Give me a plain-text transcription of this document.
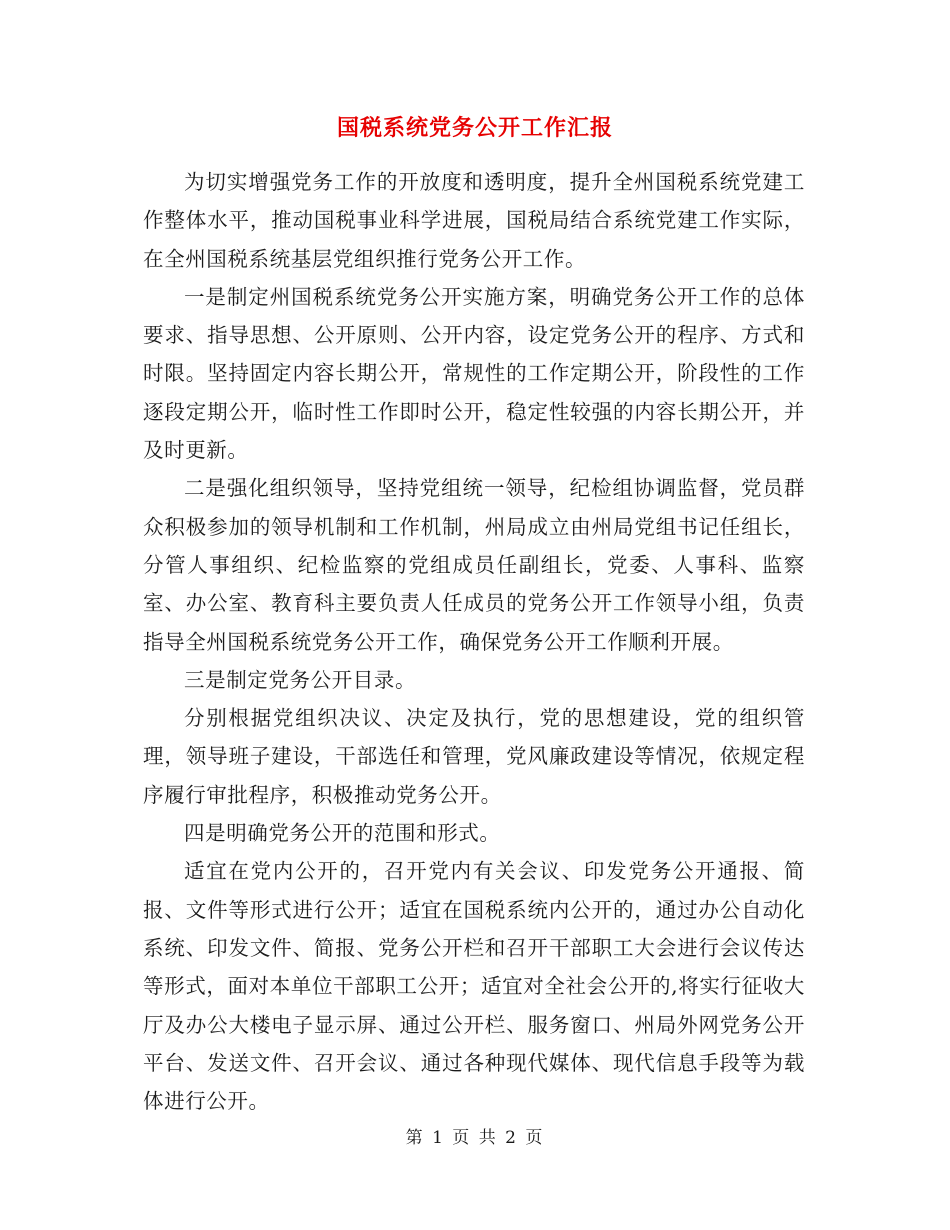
国税系统党务公开工作汇报

为切实增强党务工作的开放度和透明度，提升全州国税系统党建工作整体水平，推动国税事业科学进展，国税局结合系统党建工作实际，在全州国税系统基层党组织推行党务公开工作。

一是制定州国税系统党务公开实施方案，明确党务公开工作的总体要求、指导思想、公开原则、公开内容，设定党务公开的程序、方式和时限。坚持固定内容长期公开，常规性的工作定期公开，阶段性的工作逐段定期公开，临时性工作即时公开，稳定性较强的内容长期公开，并及时更新。

二是强化组织领导，坚持党组统一领导，纪检组协调监督，党员群众积极参加的领导机制和工作机制，州局成立由州局党组书记任组长，分管人事组织、纪检监察的党组成员任副组长，党委、人事科、监察室、办公室、教育科主要负责人任成员的党务公开工作领导小组，负责指导全州国税系统党务公开工作，确保党务公开工作顺利开展。

三是制定党务公开目录。

分别根据党组织决议、决定及执行，党的思想建设，党的组织管理，领导班子建设，干部选任和管理，党风廉政建设等情况，依规定程序履行审批程序，积极推动党务公开。

四是明确党务公开的范围和形式。

适宜在党内公开的，召开党内有关会议、印发党务公开通报、简报、文件等形式进行公开；适宜在国税系统内公开的，通过办公自动化系统、印发文件、简报、党务公开栏和召开干部职工大会进行会议传达等形式，面对本单位干部职工公开；适宜对全社会公开的,将实行征收大厅及办公大楼电子显示屏、通过公开栏、服务窗口、州局外网党务公开平台、发送文件、召开会议、通过各种现代媒体、现代信息手段等为载体进行公开。

第 1 页 共 2 页
